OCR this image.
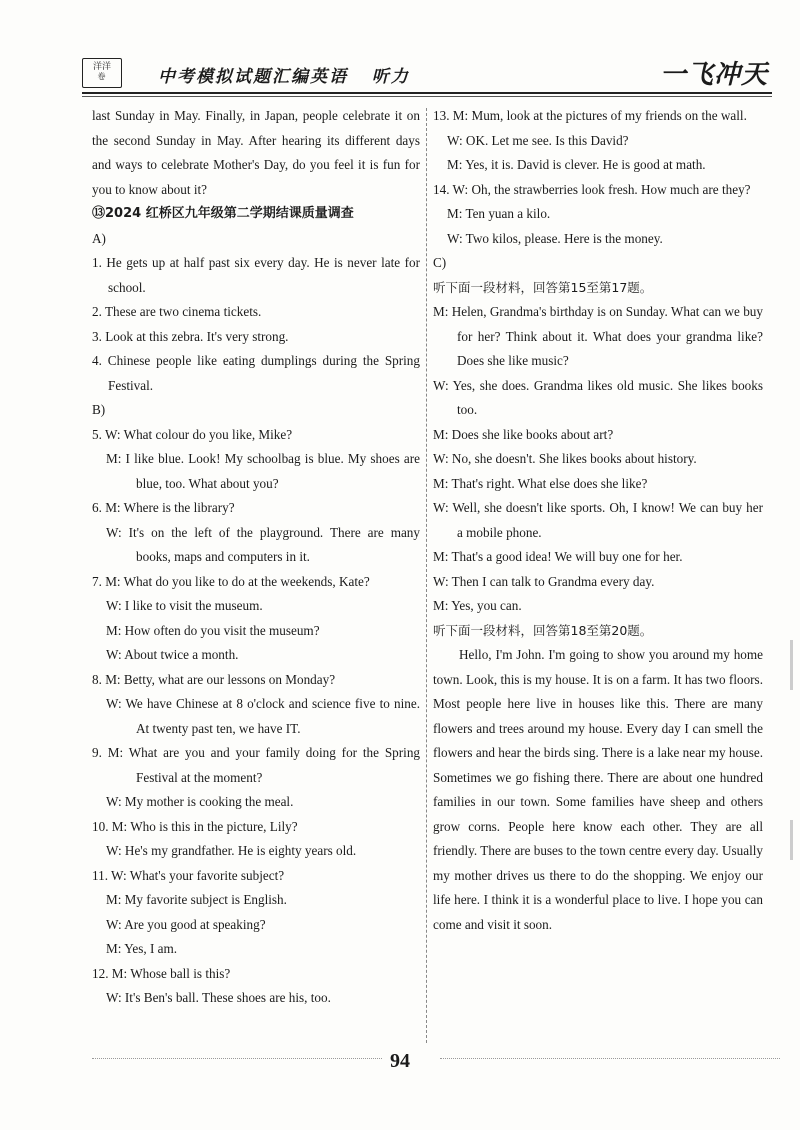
洋洋
卷	中考模拟试题汇编英语   听力	一飞冲天

last Sunday in May. Finally, in Japan, people celebrate it on the second Sunday in May. After hearing its different days and ways to celebrate Mother's Day, do you feel it is fun for you to know about it?

⑬2024 红桥区九年级第二学期结课质量调查

A)

1. He gets up at half past six every day. He is never late for school.

2. These are two cinema tickets.

3. Look at this zebra. It's very strong.

4. Chinese people like eating dumplings during the Spring Festival.

B)

5. W: What colour do you like, Mike?

M: I like blue. Look! My schoolbag is blue. My shoes are blue, too. What about you?

6. M: Where is the library?

W: It's on the left of the playground. There are many books, maps and computers in it.

7. M: What do you like to do at the weekends, Kate?

W: I like to visit the museum.

M: How often do you visit the museum?

W: About twice a month.

8. M: Betty, what are our lessons on Monday?

W: We have Chinese at 8 o'clock and science five to nine. At twenty past ten, we have IT.

9. M: What are you and your family doing for the Spring Festival at the moment?

W: My mother is cooking the meal.

10. M: Who is this in the picture, Lily?

W: He's my grandfather. He is eighty years old.

11. W: What's your favorite subject?

M: My favorite subject is English.

W: Are you good at speaking?

M: Yes, I am.

12. M: Whose ball is this?

W: It's Ben's ball. These shoes are his, too.

13. M: Mum, look at the pictures of my friends on the wall.

W: OK. Let me see. Is this David?

M: Yes, it is. David is clever. He is good at math.

14. W: Oh, the strawberries look fresh. How much are they?

M: Ten yuan a kilo.

W: Two kilos, please. Here is the money.

C)

听下面一段材料，回答第15至第17题。

M: Helen, Grandma's birthday is on Sunday. What can we buy for her? Think about it. What does your grandma like? Does she like music?

W: Yes, she does. Grandma likes old music. She likes books too.

M: Does she like books about art?

W: No, she doesn't. She likes books about history.

M: That's right. What else does she like?

W: Well, she doesn't like sports. Oh, I know! We can buy her a mobile phone.

M: That's a good idea! We will buy one for her.

W: Then I can talk to Grandma every day.

M: Yes, you can.

听下面一段材料，回答第18至第20题。

Hello, I'm John. I'm going to show you around my home town. Look, this is my house. It is on a farm. It has two floors. Most people here live in houses like this. There are many flowers and trees around my house. Every day I can smell the flowers and hear the birds sing. There is a lake near my house. Sometimes we go fishing there. There are about one hundred families in our town. Some families have sheep and others grow corns. People here know each other. They are all friendly. There are buses to the town centre every day. Usually my mother drives us there to do the shopping. We enjoy our life here. I think it is a wonderful place to live. I hope you can come and visit it soon.

94
